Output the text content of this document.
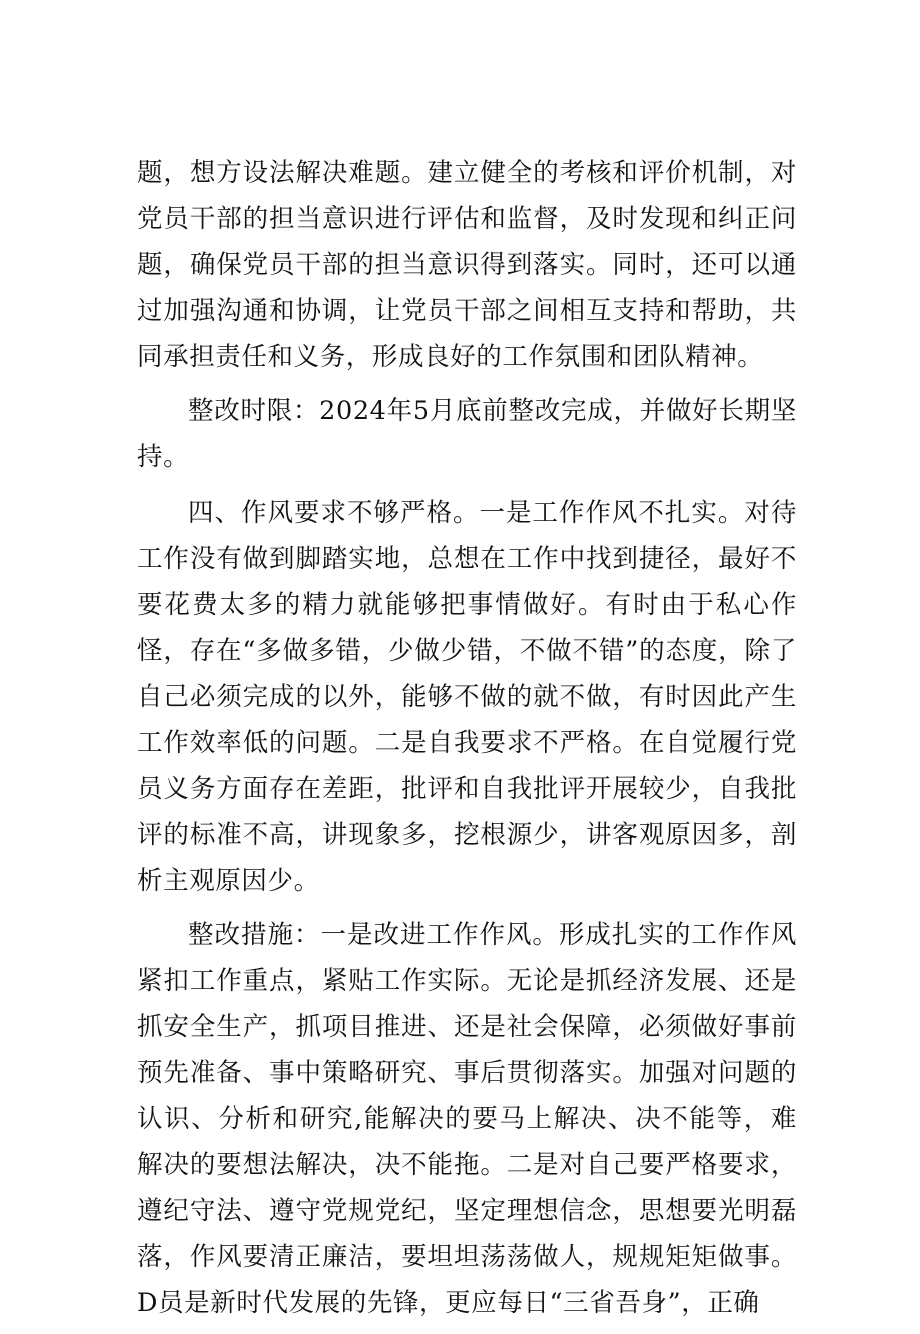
题，想方设法解决难题。建立健全的考核和评价机制，对党员干部的担当意识进行评估和监督，及时发现和纠正问题，确保党员干部的担当意识得到落实。同时，还可以通过加强沟通和协调，让党员干部之间相互支持和帮助，共同承担责任和义务，形成良好的工作氛围和团队精神。

整改时限：2024年5月底前整改完成，并做好长期坚持。

四、作风要求不够严格。一是工作作风不扎实。对待工作没有做到脚踏实地，总想在工作中找到捷径，最好不要花费太多的精力就能够把事情做好。有时由于私心作怪，存在“多做多错，少做少错，不做不错”的态度，除了自己必须完成的以外，能够不做的就不做，有时因此产生工作效率低的问题。二是自我要求不严格。在自觉履行党员义务方面存在差距，批评和自我批评开展较少，自我批评的标准不高，讲现象多，挖根源少，讲客观原因多，剖析主观原因少。

整改措施：一是改进工作作风。形成扎实的工作作风紧扣工作重点，紧贴工作实际。无论是抓经济发展、还是抓安全生产，抓项目推进、还是社会保障，必须做好事前预先准备、事中策略研究、事后贯彻落实。加强对问题的认识、分析和研究,能解决的要马上解决、决不能等，难解决的要想法解决，决不能拖。二是对自己要严格要求，遵纪守法、遵守党规党纪，坚定理想信念，思想要光明磊落，作风要清正廉洁，要坦坦荡荡做人，规规矩矩做事。D员是新时代发展的先锋，更应每日“三省吾身”，正确
